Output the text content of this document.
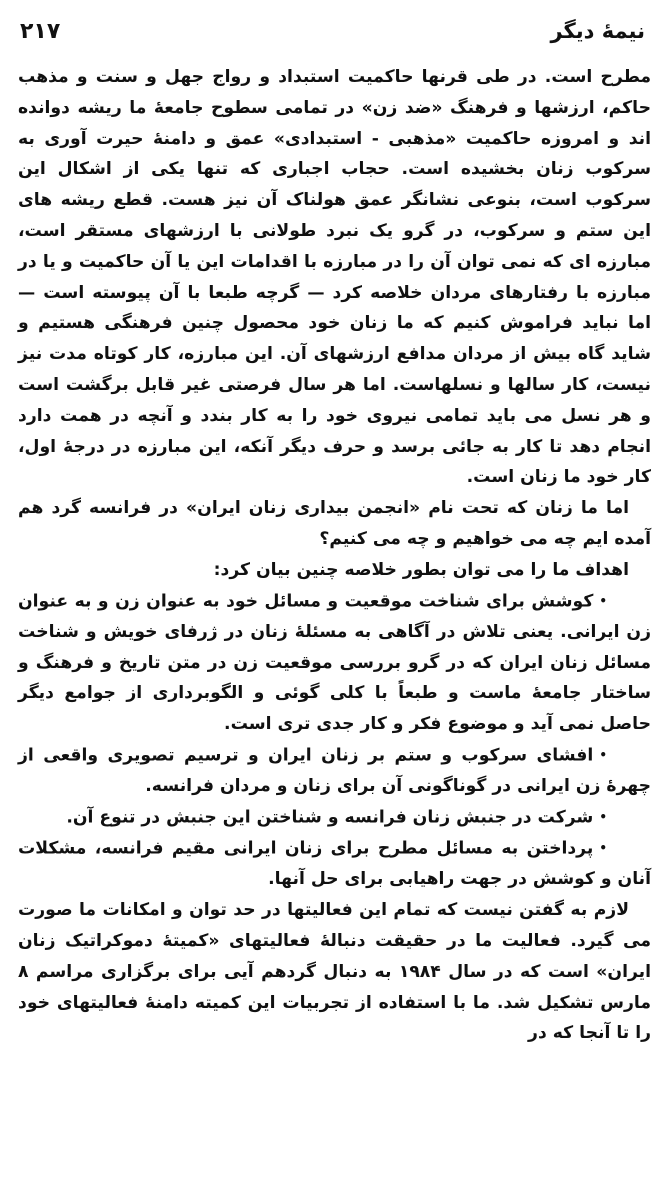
۲۱۷	نیمهٔ دیگر

مطرح است. در طی قرنها حاکمیت استبداد و رواج جهل و سنت و مذهب حاکم، ارزشها و فرهنگ «ضد زن» در تمامی سطوح جامعهٔ ما ریشه دوانده اند و امروزه حاکمیت «مذهبی - استبدادی» عمق و دامنهٔ حیرت آوری به سرکوب زنان بخشیده است. حجاب اجباری که تنها یکی از اشکال این سرکوب است، بنوعی نشانگر عمق هولناک آن نیز هست. قطع ریشه های این ستم و سرکوب، در گرو یک نبرد طولانی با ارزشهای مستقر است، مبارزه ای که نمی توان آن را در مبارزه با اقدامات این یا آن حاکمیت و یا در مبارزه با رفتارهای مردان خلاصه کرد — گرچه طبعا با آن پیوسته است — اما نباید فراموش کنیم که ما زنان خود محصول چنین فرهنگی هستیم و شاید گاه بیش از مردان مدافع ارزشهای آن. این مبارزه، کار کوتاه مدت نیز نیست، کار سالها و نسلهاست. اما هر سال فرصتی غیر قابل برگشت است و هر نسل می باید تمامی نیروی خود را به کار بندد و آنچه در همت دارد انجام دهد تا کار به جائی برسد و حرف دیگر آنکه، این مبارزه در درجهٔ اول، کار خود ما زنان است.

اما ما زنان که تحت نام «انجمن بیداری زنان ایران» در فرانسه گرد هم آمده ایم چه می خواهیم و چه می کنیم؟

اهداف ما را می توان بطور خلاصه چنین بیان کرد:

•کوشش برای شناخت موقعیت و مسائل خود به عنوان زن و به عنوان زن ایرانی. یعنی تلاش در آگاهی به مسئلهٔ زنان در ژرفای خویش و شناخت مسائل زنان ایران که در گرو بررسی موقعیت زن در متن تاریخ و فرهنگ و ساختار جامعهٔ ماست و طبعاً با کلی گوئی و الگوبرداری از جوامع دیگر حاصل نمی آید و موضوع فکر و کار جدی تری است.

•افشای سرکوب و ستم بر زنان ایران و ترسیم تصویری واقعی از چهرهٔ زن ایرانی در گوناگونی آن برای زنان و مردان فرانسه.

•شرکت در جنبش زنان فرانسه و شناختن این جنبش در تنوع آن.

•پرداختن به مسائل مطرح برای زنان ایرانی مقیم فرانسه، مشکلات آنان و کوشش در جهت راهیابی برای حل آنها.

لازم به گفتن نیست که تمام این فعالیتها در حد توان و امکانات ما صورت می گیرد. فعالیت ما در حقیقت دنبالهٔ فعالیتهای «کمیتهٔ دموکراتیک زنان ایران» است که در سال ۱۹۸۴ به دنبال گردهم آیی برای برگزاری مراسم ۸ مارس تشکیل شد. ما با استفاده از تجربیات این کمیته دامنهٔ فعالیتهای خود را تا آنجا که در
